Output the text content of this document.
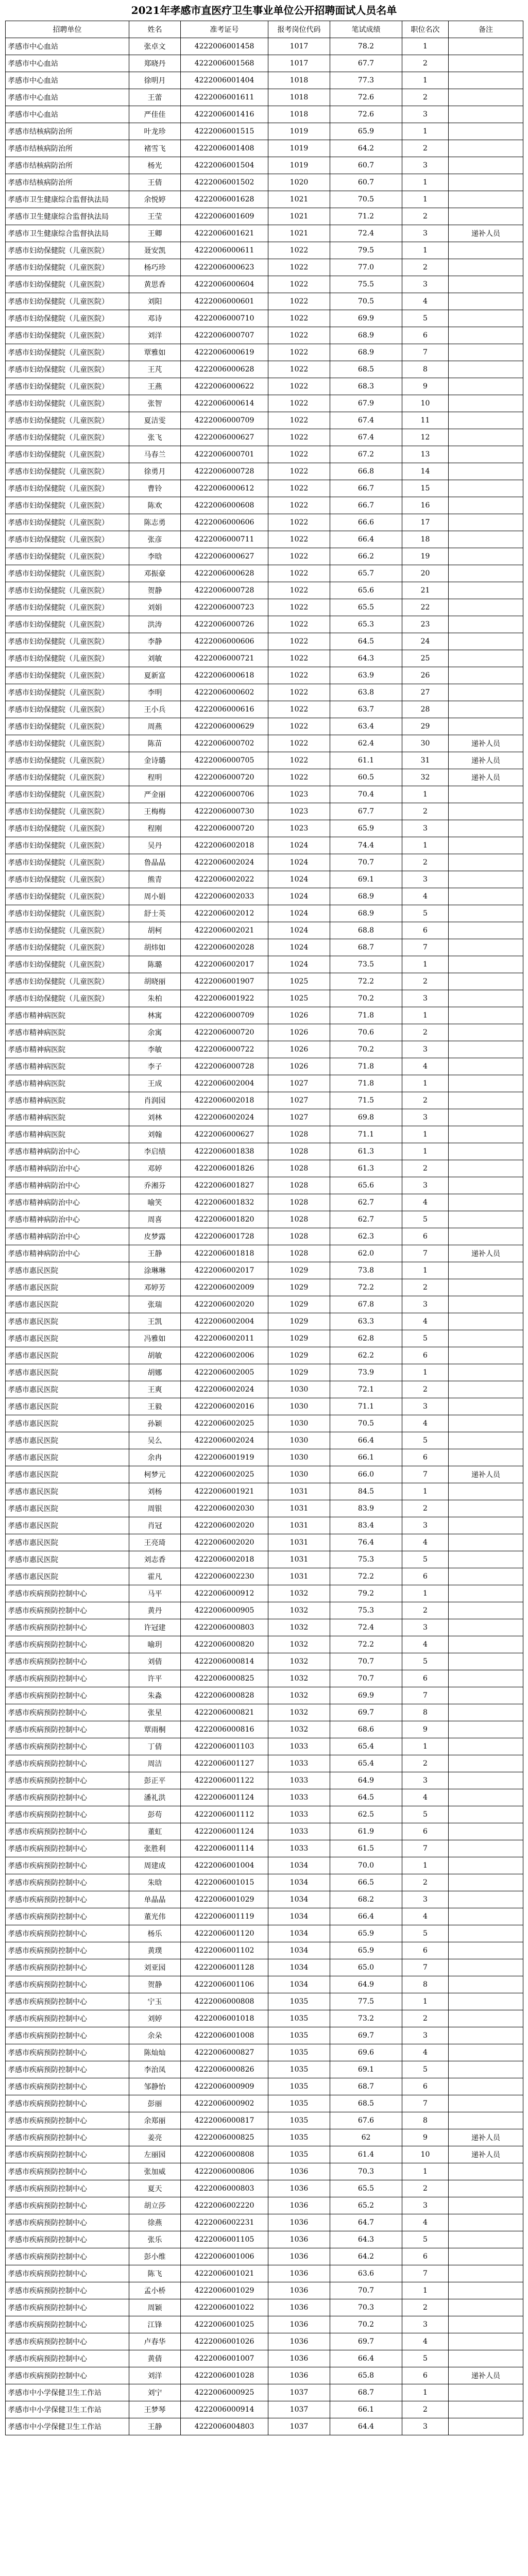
2021年孝感市直医疗卫生事业单位公开招聘面试人员名单
招聘单位	姓名	准考证号	报考岗位代码	笔试成绩	职位名次	备注
孝感市中心血站	张卓文	4222006001458	1017	78.2	1	
孝感市中心血站	郑晓丹	4222006001568	1017	67.7	2	
孝感市中心血站	徐明月	4222006001404	1018	77.3	1	
孝感市中心血站	王蕾	4222006001611	1018	72.6	2	
孝感市中心血站	严佳佳	4222006001416	1018	72.6	3	
孝感市结核病防治所	叶龙珍	4222006001515	1019	65.9	1	
孝感市结核病防治所	褚雪飞	4222006001408	1019	64.2	2	
孝感市结核病防治所	杨光	4222006001504	1019	60.7	3	
孝感市结核病防治所	王倩	4222006001502	1020	60.7	1	
孝感市卫生健康综合监督执法局	余悦婷	4222006001628	1021	70.5	1	
孝感市卫生健康综合监督执法局	王莹	4222006001609	1021	71.2	2	
孝感市卫生健康综合监督执法局	王卿	4222006001621	1021	72.4	3	递补人员
孝感市妇幼保健院（儿童医院）	聂安凯	4222006000611	1022	79.5	1	
孝感市妇幼保健院（儿童医院）	杨巧珍	4222006000623	1022	77.0	2	
孝感市妇幼保健院（儿童医院）	黄思香	4222006000604	1022	75.5	3	
孝感市妇幼保健院（儿童医院）	刘阳	4222006000601	1022	70.5	4	
孝感市妇幼保健院（儿童医院）	邓诗	4222006000710	1022	69.9	5	
孝感市妇幼保健院（儿童医院）	刘洋	4222006000707	1022	68.9	6	
孝感市妇幼保健院（儿童医院）	覃雅如	4222006000619	1022	68.9	7	
孝感市妇幼保健院（儿童医院）	王芃	4222006000628	1022	68.5	8	
孝感市妇幼保健院（儿童医院）	王燕	4222006000622	1022	68.3	9	
孝感市妇幼保健院（儿童医院）	张智	4222006000614	1022	67.9	10	
孝感市妇幼保健院（儿童医院）	夏洁雯	4222006000709	1022	67.4	11	
孝感市妇幼保健院（儿童医院）	张飞	4222006000627	1022	67.4	12	
孝感市妇幼保健院（儿童医院）	马春兰	4222006000701	1022	67.2	13	
孝感市妇幼保健院（儿童医院）	徐勇月	4222006000728	1022	66.8	14	
孝感市妇幼保健院（儿童医院）	曹铃	4222006000612	1022	66.7	15	
孝感市妇幼保健院（儿童医院）	陈欢	4222006000608	1022	66.7	16	
孝感市妇幼保健院（儿童医院）	陈志勇	4222006000606	1022	66.6	17	
孝感市妇幼保健院（儿童医院）	张彦	4222006000711	1022	66.4	18	
孝感市妇幼保健院（儿童医院）	李晗	4222006000627	1022	66.2	19	
孝感市妇幼保健院（儿童医院）	邓振豪	4222006000628	1022	65.7	20	
孝感市妇幼保健院（儿童医院）	贺静	4222006000728	1022	65.6	21	
孝感市妇幼保健院（儿童医院）	刘娟	4222006000723	1022	65.5	22	
孝感市妇幼保健院（儿童医院）	洪涛	4222006000726	1022	65.3	23	
孝感市妇幼保健院（儿童医院）	李静	4222006000606	1022	64.5	24	
孝感市妇幼保健院（儿童医院）	刘敏	4222006000721	1022	64.3	25	
孝感市妇幼保健院（儿童医院）	夏新富	4222006000618	1022	63.9	26	
孝感市妇幼保健院（儿童医院）	李明	4222006000602	1022	63.8	27	
孝感市妇幼保健院（儿童医院）	王小兵	4222006000616	1022	63.7	28	
孝感市妇幼保健院（儿童医院）	周燕	4222006000629	1022	63.4	29	
孝感市妇幼保健院（儿童医院）	陈苗	4222006000702	1022	62.4	30	递补人员
孝感市妇幼保健院（儿童医院）	金诗璐	4222006000705	1022	61.1	31	递补人员
孝感市妇幼保健院（儿童医院）	程明	4222006000720	1022	60.5	32	递补人员
孝感市妇幼保健院（儿童医院）	严金丽	4222006000706	1023	70.4	1	
孝感市妇幼保健院（儿童医院）	王梅梅	4222006000730	1023	67.7	2	
孝感市妇幼保健院（儿童医院）	程刚	4222006000720	1023	65.9	3	
孝感市妇幼保健院（儿童医院）	吴丹	4222006002018	1024	74.4	1	
孝感市妇幼保健院（儿童医院）	鲁晶晶	4222006002024	1024	70.7	2	
孝感市妇幼保健院（儿童医院）	熊青	4222006002022	1024	69.1	3	
孝感市妇幼保健院（儿童医院）	周小娟	4222006002033	1024	68.9	4	
孝感市妇幼保健院（儿童医院）	舒士英	4222006002012	1024	68.9	5	
孝感市妇幼保健院（儿童医院）	胡柯	4222006002021	1024	68.8	6	
孝感市妇幼保健院（儿童医院）	胡炜如	4222006002028	1024	68.7	7	
孝感市妇幼保健院（儿童医院）	陈璐	4222006002017	1024	73.5	1	
孝感市妇幼保健院（儿童医院）	胡晓丽	4222006001907	1025	72.2	2	
孝感市妇幼保健院（儿童医院）	朱柏	4222006001922	1025	70.2	3	
孝感市精神病医院	林寓	4222006000709	1026	71.8	1	
孝感市精神病医院	余寓	4222006000720	1026	70.6	2	
孝感市精神病医院	李敏	4222006000722	1026	70.2	3	
孝感市精神病医院	李子	4222006000728	1026	71.8	4	
孝感市精神病医院	王成	4222006002004	1027	71.8	1	
孝感市精神病医院	肖润园	4222006002018	1027	71.5	2	
孝感市精神病医院	刘林	4222006002024	1027	69.8	3	
孝感市精神病医院	刘翰	4222006000627	1028	71.1	1	
孝感市精神病防治中心	李启绩	4222006001838	1028	61.3	1	
孝感市精神病防治中心	邓婷	4222006001826	1028	61.3	2	
孝感市精神病防治中心	乔湘芬	4222006001827	1028	65.6	3	
孝感市精神病防治中心	喻笑	4222006001832	1028	62.7	4	
孝感市精神病防治中心	周喜	4222006001820	1028	62.7	5	
孝感市精神病防治中心	皮梦露	4222006001728	1028	62.3	6	
孝感市精神病防治中心	王静	4222006001818	1028	62.0	7	递补人员
孝感市惠民医院	涂琳琳	4222006002017	1029	73.8	1	
孝感市惠民医院	邓婷芳	4222006002009	1029	72.2	2	
孝感市惠民医院	张瑞	4222006002020	1029	67.8	3	
孝感市惠民医院	王凯	4222006002004	1029	63.3	4	
孝感市惠民医院	冯雅如	4222006002011	1029	62.8	5	
孝感市惠民医院	胡敏	4222006002006	1029	62.2	6	
孝感市惠民医院	胡娜	4222006002005	1029	73.9	1	
孝感市惠民医院	王爽	4222006002024	1030	72.1	2	
孝感市惠民医院	王毅	4222006002016	1030	71.1	3	
孝感市惠民医院	孙颖	4222006002025	1030	70.5	4	
孝感市惠民医院	吴么	4222006002024	1030	66.4	5	
孝感市惠民医院	余冉	4222006001919	1030	66.1	6	
孝感市惠民医院	柯梦元	4222006002025	1030	66.0	7	递补人员
孝感市惠民医院	刘杨	4222006001921	1031	84.5	1	
孝感市惠民医院	周银	4222006002030	1031	83.9	2	
孝感市惠民医院	肖冠	4222006002020	1031	83.4	3	
孝感市惠民医院	王亮琦	4222006002020	1031	76.4	4	
孝感市惠民医院	刘志香	4222006002018	1031	75.3	5	
孝感市惠民医院	霍凡	4222006002230	1031	72.2	6	
孝感市疾病预防控制中心	马平	4222006000912	1032	79.2	1	
孝感市疾病预防控制中心	黄丹	4222006000905	1032	75.3	2	
孝感市疾病预防控制中心	许冠建	4222006000803	1032	72.4	3	
孝感市疾病预防控制中心	喻玥	4222006000820	1032	72.2	4	
孝感市疾病预防控制中心	刘倩	4222006000814	1032	70.7	5	
孝感市疾病预防控制中心	许平	4222006000825	1032	70.7	6	
孝感市疾病预防控制中心	朱淼	4222006000828	1032	69.9	7	
孝感市疾病预防控制中心	张星	4222006000821	1032	69.7	8	
孝感市疾病预防控制中心	覃雨桐	4222006000816	1032	68.6	9	
孝感市疾病预防控制中心	丁倩	4222006001103	1033	65.4	1	
孝感市疾病预防控制中心	周洁	4222006001127	1033	65.4	2	
孝感市疾病预防控制中心	彭正平	4222006001122	1033	64.9	3	
孝感市疾病预防控制中心	潘礼洪	4222006001124	1033	64.5	4	
孝感市疾病预防控制中心	彭苟	4222006001112	1033	62.5	5	
孝感市疾病预防控制中心	董虹	4222006001124	1033	61.9	6	
孝感市疾病预防控制中心	张胜利	4222006001114	1033	61.5	7	
孝感市疾病预防控制中心	周建成	4222006001004	1034	70.0	1	
孝感市疾病预防控制中心	朱晗	4222006001015	1034	66.5	2	
孝感市疾病预防控制中心	单晶晶	4222006001029	1034	68.2	3	
孝感市疾病预防控制中心	董光伟	4222006001119	1034	66.4	4	
孝感市疾病预防控制中心	杨乐	4222006001120	1034	65.9	5	
孝感市疾病预防控制中心	黄璞	4222006001102	1034	65.9	6	
孝感市疾病预防控制中心	刘亚园	4222006001128	1034	65.0	7	
孝感市疾病预防控制中心	贺静	4222006001106	1034	64.9	8	
孝感市疾病预防控制中心	宁玉	4222006000808	1035	77.5	1	
孝感市疾病预防控制中心	刘婷	4222006001018	1035	73.2	2	
孝感市疾病预防控制中心	余朵	4222006001008	1035	69.7	3	
孝感市疾病预防控制中心	陈灿灿	4222006000827	1035	69.6	4	
孝感市疾病预防控制中心	李治凤	4222006000826	1035	69.1	5	
孝感市疾病预防控制中心	邹静怡	4222006000909	1035	68.7	6	
孝感市疾病预防控制中心	彭丽	4222006000902	1035	68.5	7	
孝感市疾病预防控制中心	余郑丽	4222006000817	1035	67.6	8	
孝感市疾病预防控制中心	姜亮	4222006000825	1035	62	9	递补人员
孝感市疾病预防控制中心	左丽园	4222006000808	1035	61.4	10	递补人员
孝感市疾病预防控制中心	张加威	4222006000806	1036	70.3	1	
孝感市疾病预防控制中心	夏天	4222006000803	1036	65.5	2	
孝感市疾病预防控制中心	胡立莎	4222006002220	1036	65.2	3	
孝感市疾病预防控制中心	徐燕	4222006002231	1036	64.7	4	
孝感市疾病预防控制中心	张乐	4222006001105	1036	64.3	5	
孝感市疾病预防控制中心	彭小维	4222006001006	1036	64.2	6	
孝感市疾病预防控制中心	陈飞	4222006001021	1036	63.6	7	
孝感市疾病预防控制中心	孟小桥	4222006001029	1036	70.7	1	
孝感市疾病预防控制中心	周颖	4222006001022	1036	70.3	2	
孝感市疾病预防控制中心	江锋	4222006001025	1036	70.2	3	
孝感市疾病预防控制中心	卢春华	4222006001026	1036	69.7	4	
孝感市疾病预防控制中心	黄倩	4222006001007	1036	66.4	5	
孝感市疾病预防控制中心	刘洋	4222006001028	1036	65.8	6	递补人员
孝感市中小学保健卫生工作站	刘宁	4222006000925	1037	68.7	1	
孝感市中小学保健卫生工作站	王梦琴	4222006000914	1037	66.1	2	
孝感市中小学保健卫生工作站	王静	4222006004803	1037	64.4	3	
